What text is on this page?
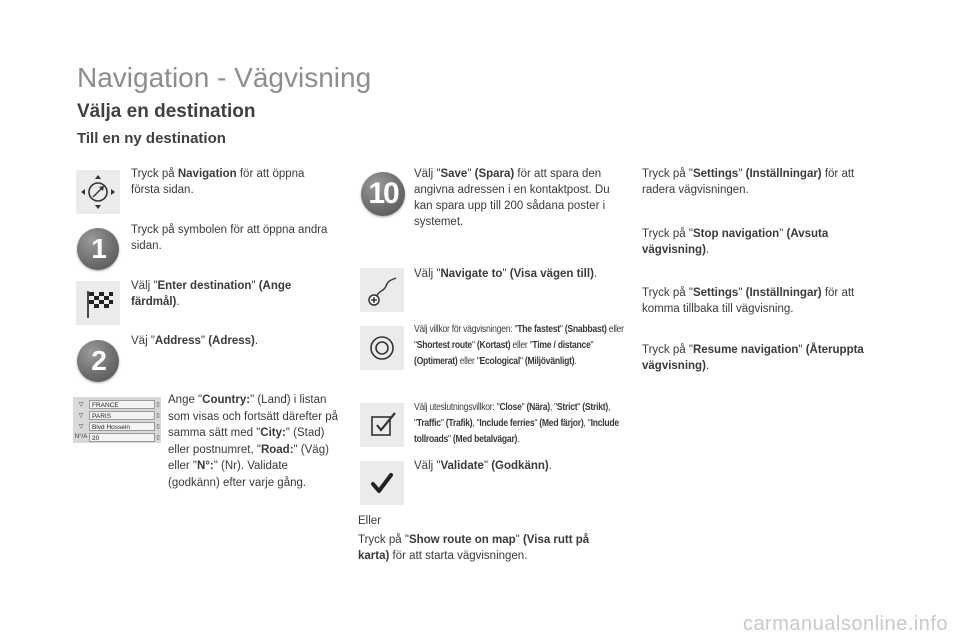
Navigation - Vägvisning
Välja en destination
Till en ny destination
Tryck på Navigation för att öppna första sidan.
1
Tryck på symbolen för att öppna andra sidan.
Välj "Enter destination" (Ange färdmål).
2
Väj "Address" (Adress).
▽	FRANCE	▯
▽	PARIS	▯
▽	Blvd Hossein	▯
N°/A 20	▯
Ange "Country:" (Land) i listan som visas och fortsätt därefter på samma sätt med "City:" (Stad) eller postnumret, "Road:" (Väg) eller "N°:" (Nr). Validate (godkänn) efter varje gång.
10
Välj "Save" (Spara) för att spara den angivna adressen i en kontaktpost. Du kan spara upp till 200 sådana poster i systemet.
Välj "Navigate to" (Visa vägen till).
Välj villkor för vägvisningen: "The fastest" (Snabbast) eller "Shortest route" (Kortast) eller "Time / distance" (Optimerat) eller "Ecological" (Miljövänligt).
Välj uteslutningsvillkor: "Close" (Nära), "Strict" (Strikt), "Traffic" (Trafik), "Include ferries" (Med färjor), "Include tollroads" (Med betalvägar).
Välj "Validate" (Godkänn).
Eller
Tryck på "Show route on map" (Visa rutt på karta) för att starta vägvisningen.
Tryck på "Settings" (Inställningar) för att radera vägvisningen.
Tryck på "Stop navigation" (Avsuta vägvisning).
Tryck på "Settings" (Inställningar) för att komma tillbaka till vägvisning.
Tryck på "Resume navigation" (Återuppta vägvisning).
carmanualsonline.info
